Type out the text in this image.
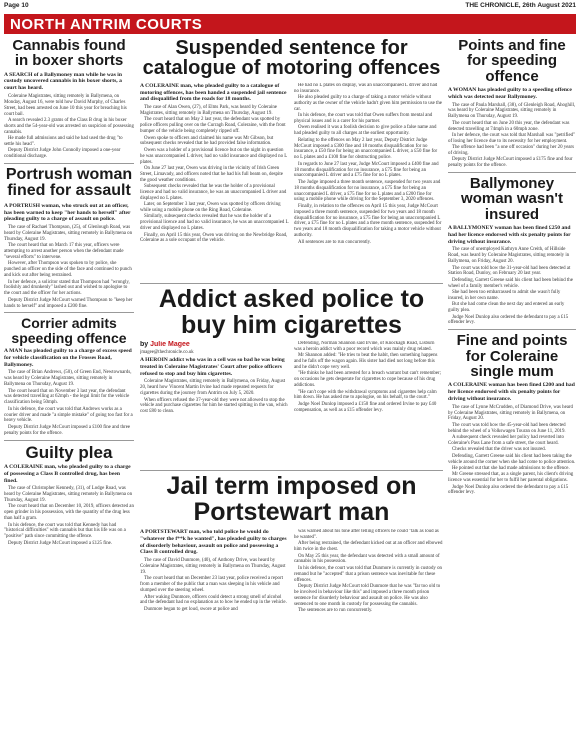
Page 10	THE CHRONICLE, 26th August 2021
NORTH ANTRIM COURTS
Cannabis found in boxer shorts
A SEARCH of a Ballymoney man while he was in custody uncovered cannabis in his boxer shorts, a court has heard.
Coleraine Magistrates, sitting remotely in Ballymena, on Monday, August 16, were told how David Murphy, of Charles Street, had been arrested on June 10 this year for breaching his court bail.
A search revealed 2.3 grams of the Class B drug in his boxer shorts and the 54-year-old was arrested on suspicion of possessing cannabis.
He made full admissions and said he had used the drug "to settle his head".
Deputy District Judge John Connolly imposed a one-year conditional discharge.
Portrush woman fined for assault
A PORTRUSH woman, who struck out at an officer, has been warned to keep "her hands to herself" after pleading guilty to a charge of assault on police.
The case of Rachael Thompson, (25), of Glenlough Road, was heard by Coleraine Magistrates, sitting remotely in Ballymena on Thursday, August 19.
The court heard that on March 17 this year, officers were attempting to arrest another person when the defendant made "several efforts" to intervene.
However, after Thompson was spoken to by police, she punched an officer on the side of the face and continued to punch and kick out after being restrained.
In her defence, a solicitor stated that Thompson had "wrongly, foolishly and drunkenly" lashed out and wished to apologise to the court and the officer for her actions.
Deputy District Judge McCourt warned Thompson to "keep her hands to herself" and imposed a £200 fine.
Corrier admits speeding offence
A MAN has pleaded guilty to a charge of excess speed for vehicle classification on the Frosses Road, Ballymoney.
The case of Brian Andrews, (50), of Green End, Newtownards, was heard by Coleraine Magistrates, sitting remotely in Ballymena on Thursday, August 19.
The court heard that on November 3 last year, the defendant was detected travelling at 62mph - the legal limit for the vehicle classification being 50mph.
In his defence, the court was told that Andrews works as a courier driver and made "a simple mistake" of going too fast for a heavy vehicle.
Deputy District Judge McCourt imposed a £100 fine and three penalty points for the offence.
Guilty plea
A COLERAINE man, who pleaded guilty to a charge of possessing a Class B controlled drug, has been fined.
The case of Christopher Kennedy, (31), of Lodge Road, was heard by Coleraine Magistrates, sitting remotely in Ballymena on Thursday, August 19.
The court heard that on December 10, 2019, officers detected an open grinder in his possession, with the quantity of the drug less than half a gram.
In his defence, the court was told that Kennedy has had "historical difficulties" with cannabis but that his life was on a "positive" path since committing the offence.
Deputy District Judge McCourt imposed a £125 fine.
Suspended sentence for catalogue of motoring offences
A COLERAINE man, who pleaded guilty to a catalogue of motoring offences, has been handed a suspended jail sentence and disqualified from the roads for 18 months.
The case of Alan Owen, (27), of Elms Park, was heard by Coleraine Magistrates, sitting remotely in Ballymena on Thursday, August 19.
The court heard that on May 2 last year, the defendant was spotted by police officers pulling over on the Curragh Road, Coleraine, with the front bumper of the vehicle being completely ripped off.
Owen spoke to officers and claimed his name was Mr Gibson, but subsequent checks revealed that he had provided false information.
Owen was a holder of a provisional licence but on the night in question he was unaccompanied L driver, had no valid insurance and displayed no L plates.
On June 27 last year, Owen was driving in the vicinity of Irish Green Street, Limavady, and officers noted that he had his full beam on, despite the good weather conditions.
Subsequent checks revealed that he was the holder of a provisional licence and had no valid insurance, he was an unaccompanied L driver and displayed no L plates.
Later, on September 3 last year, Owen was spotted by officers driving while using a mobile phone on the Ring Road, Coleraine.
Similarly, subsequent checks revealed that he was the holder of a provisional licence and had no valid insurance, he was an unaccompanied L driver and displayed no L plates.
Finally, on April 15 this year, Owen was driving on the Newbridge Road, Coleraine as a sole occupant of the vehicle.
He had no L plates on display, was an unaccompanied L driver and had no insurance.
He also pleaded guilty to a charge of taking a motor vehicle without authority as the owner of the vehicle hadn't given him permission to use the car.
In his defence, the court was told that Owen suffers from mental and physical issues and is a carer for his partner.
Owen realised it was a foolish decision to give police a false name and had pleaded guilty to all charges at the earliest opportunity.
Relating to the offences on May 2 last year, Deputy District Judge McCourt imposed a £300 fine and 18 months disqualification for no insurance, a £50 fine for being an unaccompanied L driver, a £50 fine for no L plates and a £100 fine for obstructing police.
In regards to June 27 last year, Judge McCourt imposed a £400 fine and 18 months disqualification for no insurance, a £75 fine for being an unaccompanied L driver and a £75 fine for no L plates.
The Judge imposed a three month sentence, suspended for two years and 18 months disqualification for no insurance, a £75 fine for being an unaccompanied L driver, a £75 fine for no L plates and a £200 fine for using a mobile phone while driving for the September 3, 2020 offences.
Finally, in relation to the offences on April 15 this year, Judge McCourt imposed a three month sentence, suspended for two years and 18 month disqualification for no insurance, a £75 fine for being an unaccompanied L driver, a £75 fine for no L plates and a three month sentence, suspended for two years and 18 month disqualification for taking a motor vehicle without authority.
All sentences are to run concurrently.
Addict asked police to buy him cigarettes
by Julie Magee
jmagee@thechronicle.co.uk
A HEROIN addict who was in a cell was so bad he was being treated in Coleraine Magistrates' Court after police officers refused to stop and buy him cigarettes.
Coleraine Magistrates, sitting remotely in Ballymena, on Friday, August 20, heard how Vincent Martin Irvine had made repeated requests for cigarettes during the journey from Antrim on July 5, 2020.
When officers refused the 37-year-old they were not allowed to stop the vehicle and purchase cigarettes for him he started spitting in the van, which cost £80 to clean.
Defending, Norman Shannon said Irvine, of Knockagh Road, Lisburn was a heroin addict with a poor record which was mainly drug related.
Mr Shannon added: "He tries to beat the habit, then something happens and he falls off the wagon again. His sister had died not long before this and he didn't cope very well.
"He thinks he had been arrested for a breach warrant but can't remember; on occasions he gets desperate for cigarettes to cope because of his drug addictions.
"He can't cope with the withdrawal symptoms and cigarettes help calm him down. He has asked me to apologise, on his behalf, to the court."
Judge Noel Dunlop imposed a £150 fine and ordered Irvine to pay £40 compensation, as well as a £15 offender levy.
Jail term imposed on Portstewart man
A PORTSTEWART man, who told police he would do "whatever the f**k he wanted", has pleaded guilty to charges of disorderly behaviour, assault on police and possessing a Class B controlled drug.
The case of David Dunmore, (40), of Anthony Drive, was heard by Coleraine Magistrates, sitting remotely in Ballymena on Thursday, August 19.
The court heard that on December 23 last year, police received a report from a member of the public that a man was sleeping in his vehicle and slumped over the steering wheel.
After waking Dunmore, officers could detect a strong smell of alcohol and the defendant had no explanation as to how he ended up in the vehicle.
Dunmore began to get loud, swore at police and
was warned about his tone after telling officers he could "talk as loud as he wanted".
After being restrained, the defendant kicked out at an officer and elbowed him twice in the chest.
On May 25 this year, the defendant was detected with a small amount of cannabis in his possession.
In his defence, the court was told that Dunmore is currently in custody on remand but he "accepted" that a prison sentence was inevitable for these offences.
Deputy District Judge McCourt told Dunmore that he was "far too old to be involved in behaviour like this" and imposed a three month prison sentence for disorderly behaviour and assault on police. He was also sentenced to one month in custody for possessing the cannabis.
The sentences are to run concurrently.
Points and fine for speeding offence
A WOMAN has pleaded guilty to a speeding offence which was detected near Ballymoney.
The case of Paula Marshall, (38), of Glenleigh Road, Ahoghill, was heard by Coleraine Magistrates, sitting remotely in Ballymena on Thursday, August 19.
The court heard that on June 20 this year, the defendant was detected travelling at 74mph in a 60mph zone.
In her defence, the court was told that Marshall was "petrified" of losing her licence due to its necessity for her employment.
The offence had been "a one off occasion" during her 20 years of driving.
Deputy District Judge McCourt imposed a £175 fine and four penalty points for the offence.
Ballymoney woman wasn't insured
A BALLYMONEY woman has been fined £250 and had her licence endorsed with six penalty points for driving without insurance.
The case of unemployed Kathryn Anne Creith, of Hillside Road, was heard by Coleraine Magistrates, sitting remotely in Ballymena, on Friday, August 20.
The court was told how the 31-year-old had been detected at Station Road, Dunloy, on February 20 last year.
Defending, Garrett Greene said his client had been behind the wheel of a family member's vehicle.
She had been too embarrassed to admit she wasn't fully insured, in her own name.
But she had come clean the next day and entered an early guilty plea.
Judge Noel Dunlop also ordered the defendant to pay a £15 offender levy.
Fine and points for Coleraine single mum
A COLERAINE woman has been fined £200 and had her licence endorsed with six penalty points for driving without insurance.
The case of Lynne McCrudden, of Diamond Drive, was heard by Coleraine Magistrates, sitting remotely in Ballymena, on Friday, August 20.
The court was told how the 45-year-old had been detected behind the wheel of a Volkswagen Touran on June 11, 2019.
A subsequent check revealed her policy had reverted into Coleraine's Pass Lane from a safe street, the court heard.
Checks revealed that the driver was not insured.
Defending, Garrett Greene said his client had been taking the vehicle around the corner when she had come to police attention.
He pointed out that she had made admissions to the offence.
Mr Greene stressed that, as a single parent, his client's driving licence was essential for her to fulfil her parental obligations.
Judge Noel Dunlop also ordered the defendant to pay a £15 offender levy.
